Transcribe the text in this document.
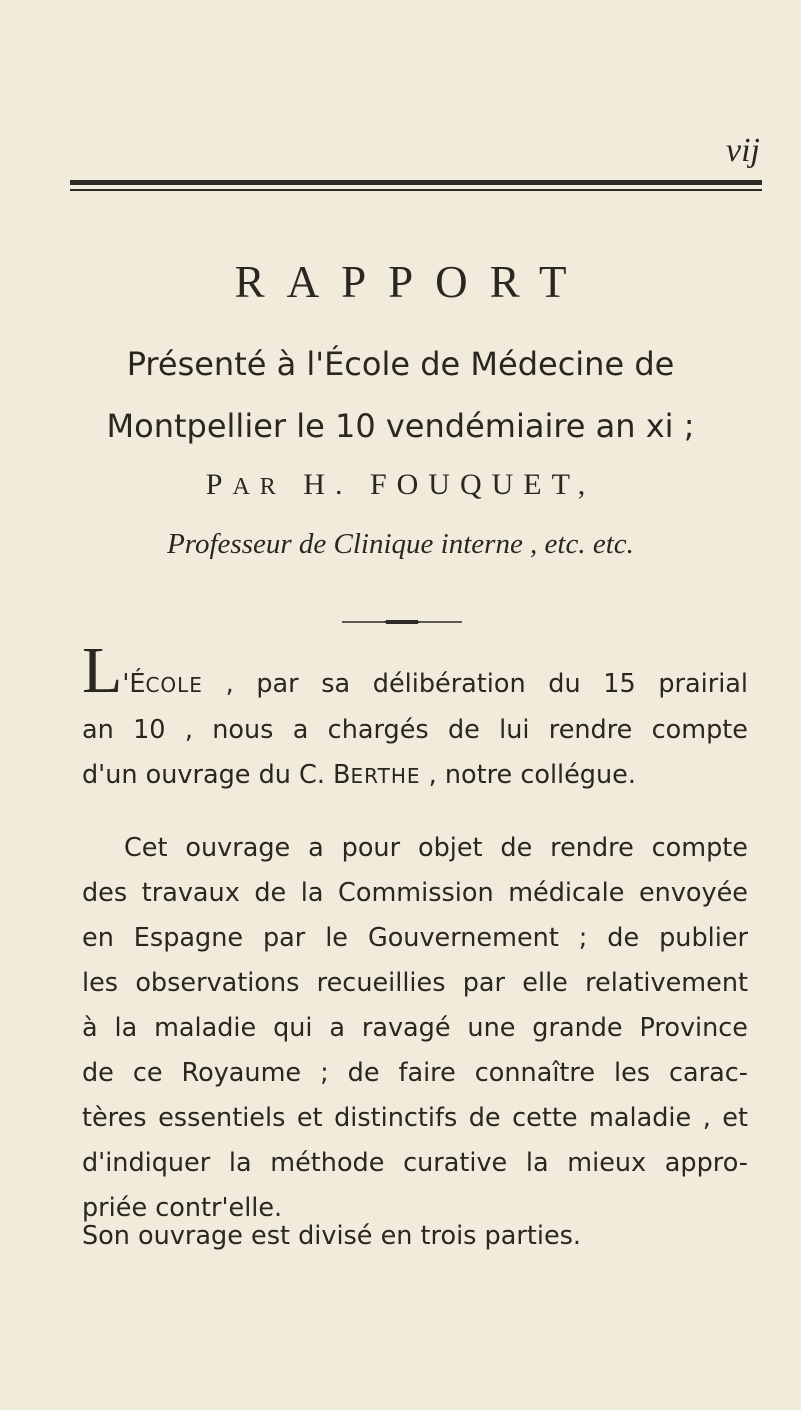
vij
RAPPORT
Présenté à l'École de Médecine de
Montpellier le 10 vendémiaire an xi ;
PAR H. FOUQUET,
Professeur de Clinique interne , etc. etc.
L'ÉCOLE , par sa délibération du 15 prairial
an 10 , nous a chargés de lui rendre compte
d'un ouvrage du C. BERTHE , notre collégue.
Cet ouvrage a pour objet de rendre compte
des travaux de la Commission médicale envoyée
en Espagne par le Gouvernement ; de publier
les observations recueillies par elle relativement
à la maladie qui a ravagé une grande Province
de ce Royaume ; de faire connaître les carac-
tères essentiels et distinctifs de cette maladie , et
d'indiquer la méthode curative la mieux appro-
priée contr'elle.
Son ouvrage est divisé en trois parties.
